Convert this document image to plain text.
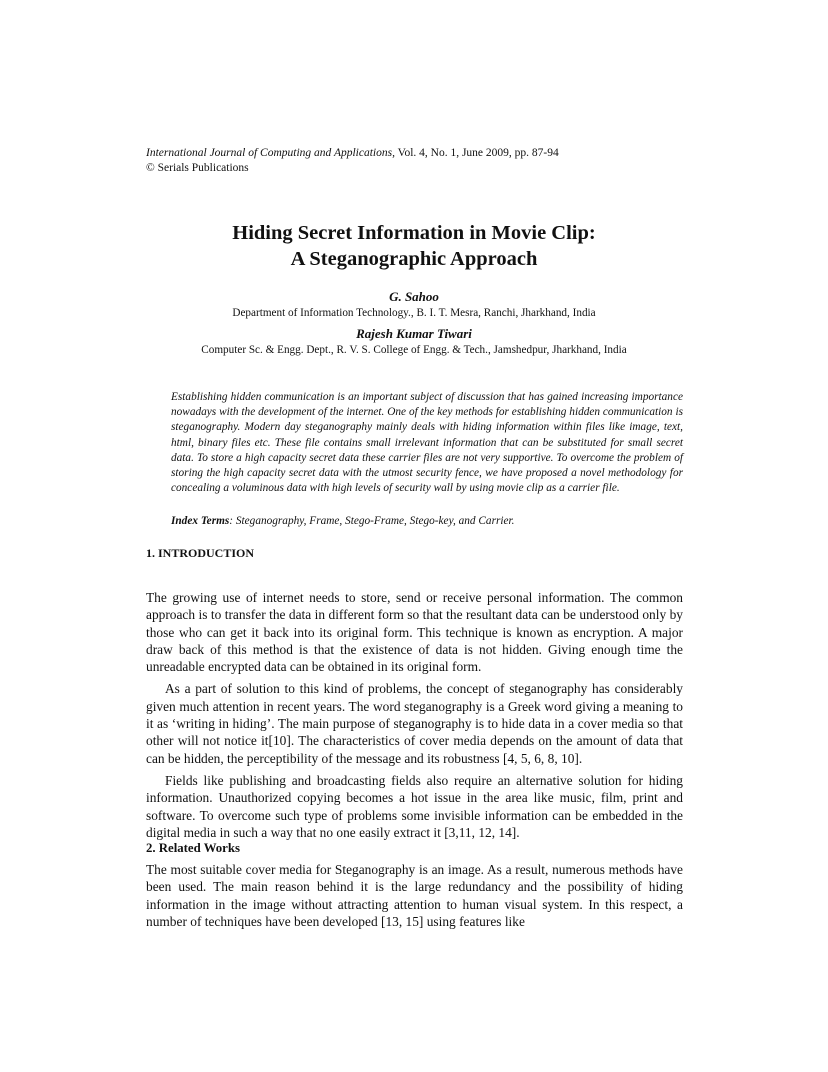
International Journal of Computing and Applications, Vol. 4, No. 1, June 2009, pp. 87-94
© Serials Publications
Hiding Secret Information in Movie Clip:
A Steganographic Approach
G. Sahoo
Department of Information Technology., B. I. T. Mesra, Ranchi, Jharkhand, India
Rajesh Kumar Tiwari
Computer Sc. & Engg. Dept., R. V. S. College of Engg. & Tech., Jamshedpur, Jharkhand, India

Establishing hidden communication is an important subject of discussion that has gained increasing importance nowadays with the development of the internet. One of the key methods for establishing hidden communication is steganography. Modern day steganography mainly deals with hiding information within files like image, text, html, binary files etc. These file contains small irrelevant information that can be substituted for small secret data. To store a high capacity secret data these carrier files are not very supportive. To overcome the problem of storing the high capacity secret data with the utmost security fence, we have proposed a novel methodology for concealing a voluminous data with high levels of security wall by using movie clip as a carrier file.

Index Terms: Steganography, Frame, Stego-Frame, Stego-key, and Carrier.
1. INTRODUCTION

The growing use of internet needs to store, send or receive personal information. The common approach is to transfer the data in different form so that the resultant data can be understood only by those who can get it back into its original form. This technique is known as encryption. A major draw back of this method is that the existence of data is not hidden. Giving enough time the unreadable encrypted data can be obtained in its original form.

As a part of solution to this kind of problems, the concept of steganography has considerably given much attention in recent years. The word steganography is a Greek word giving a meaning to it as ‘writing in hiding’. The main purpose of steganography is to hide data in a cover media so that other will not notice it[10]. The characteristics of cover media depends on the amount of data that can be hidden, the perceptibility of the message and its robustness [4, 5, 6, 8, 10].

Fields like publishing and broadcasting fields also require an alternative solution for hiding information. Unauthorized copying becomes a hot issue in the area like music, film, print and software. To overcome such type of problems some invisible information can be embedded in the digital media in such a way that no one easily extract it [3,11, 12, 14].

2. Related Works

The most suitable cover media for Steganography is an image. As a result, numerous methods have been used. The main reason behind it is the large redundancy and the possibility of hiding information in the image without attracting attention to human visual system. In this respect, a number of techniques have been developed [13, 15] using features like
